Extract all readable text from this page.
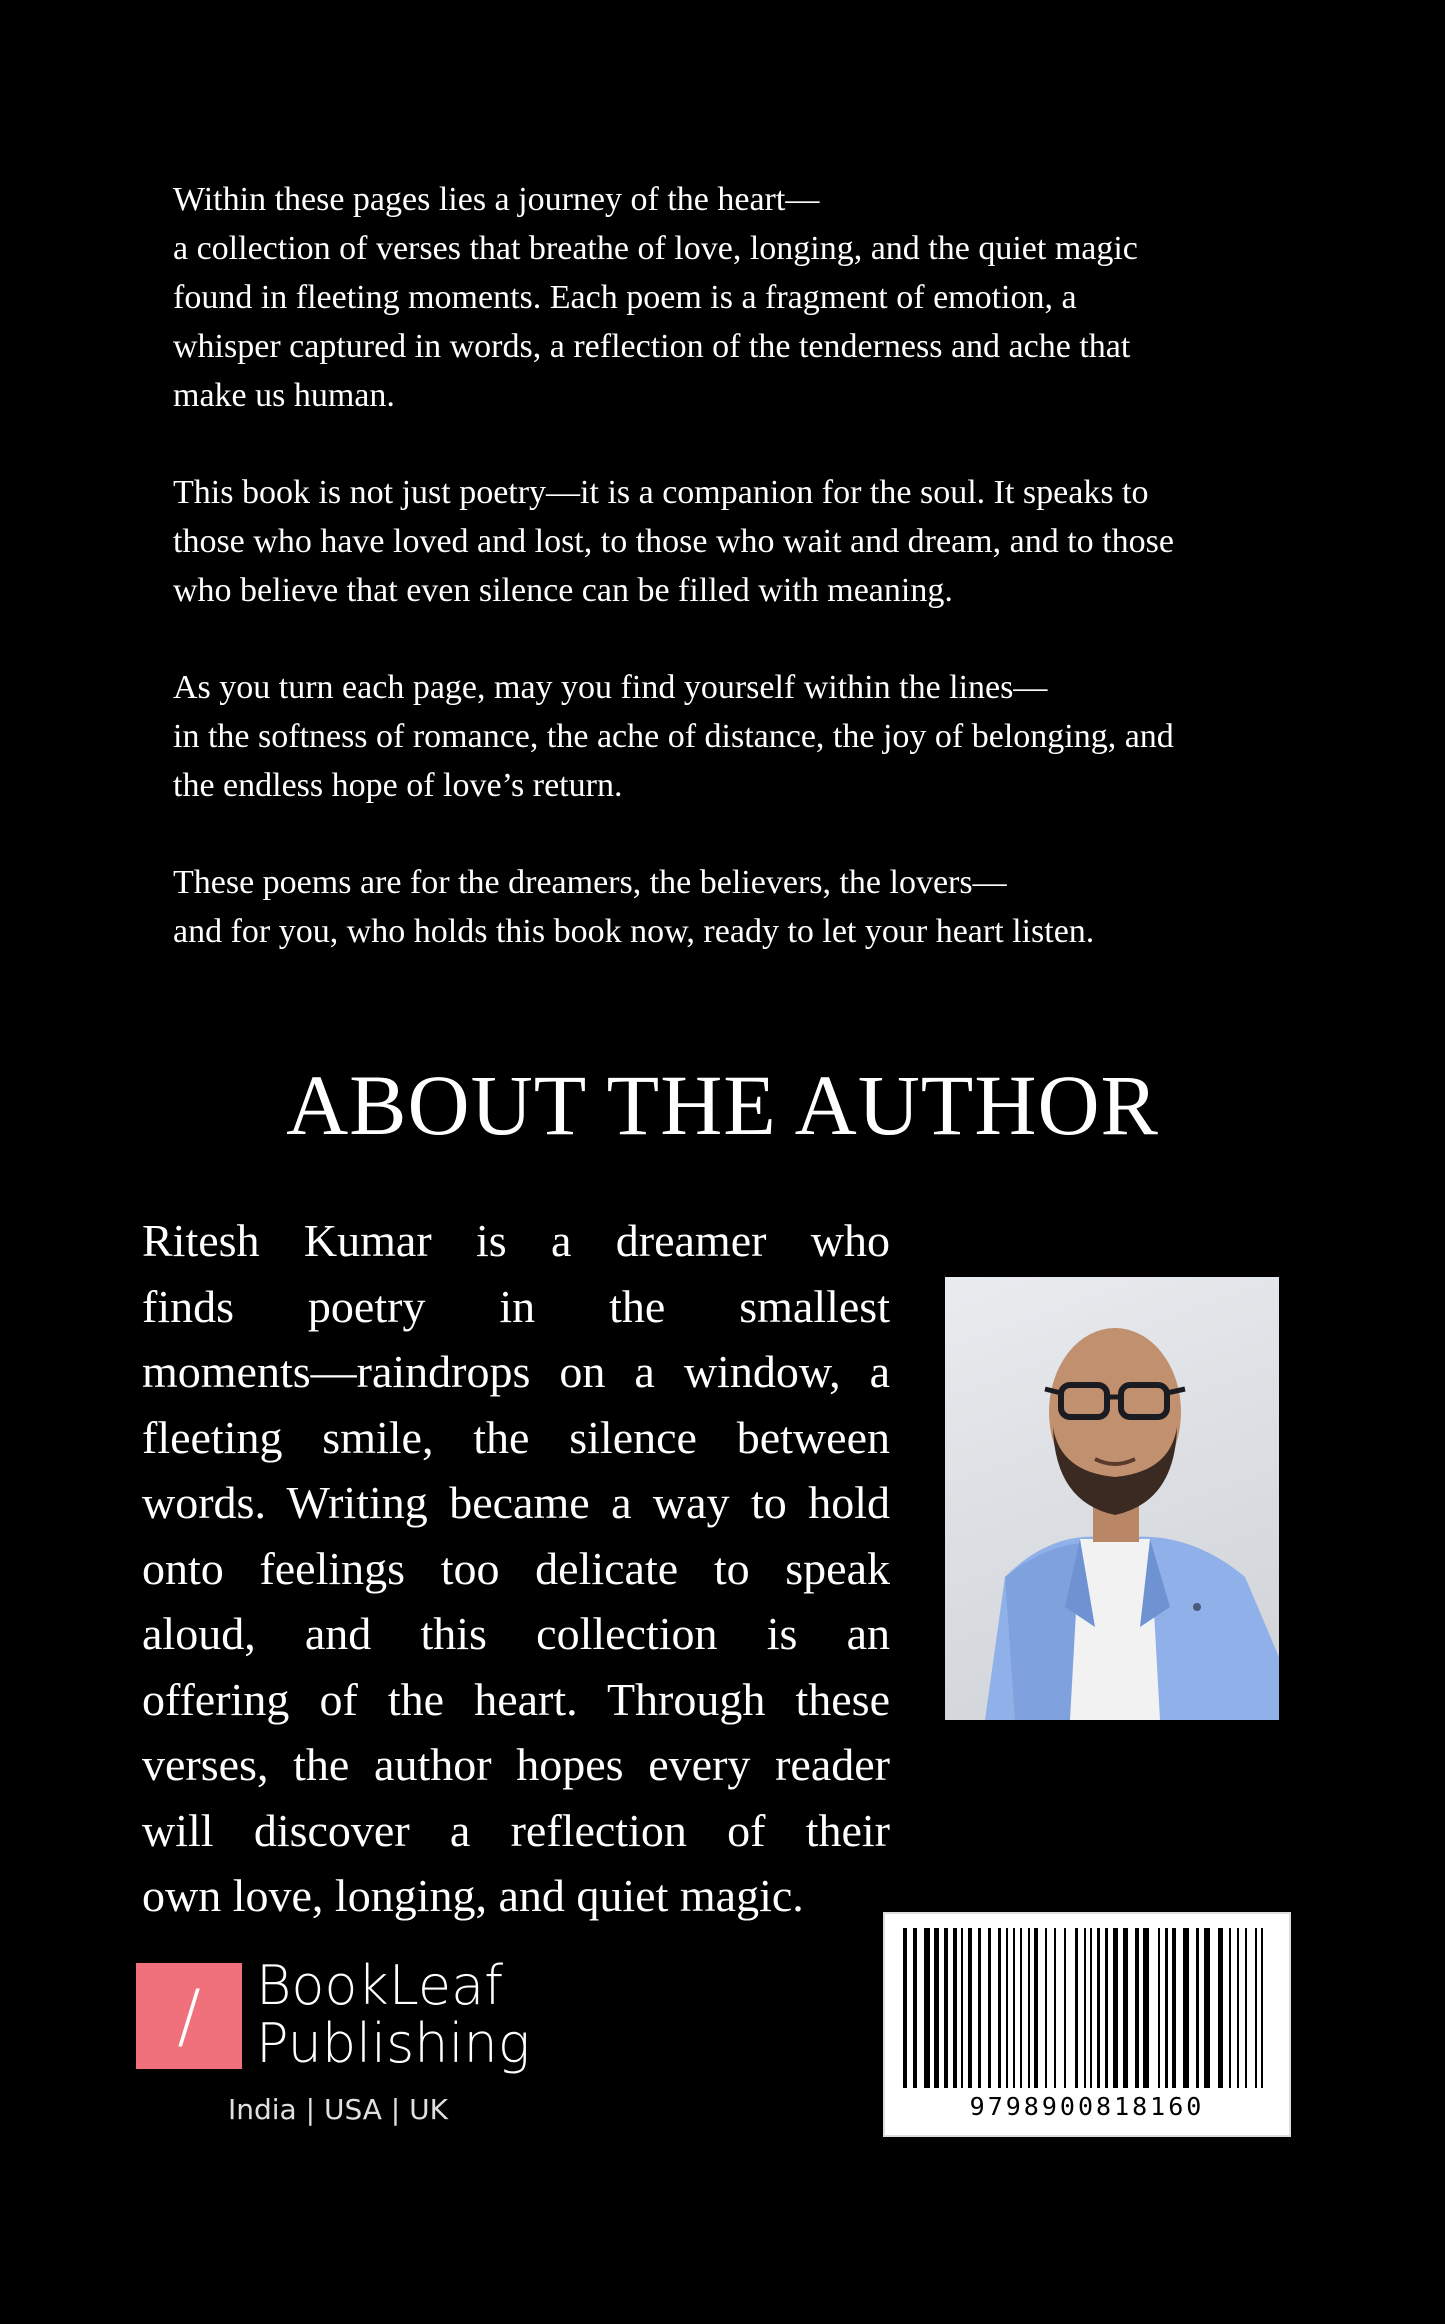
Within these pages lies a journey of the heart—
a collection of verses that breathe of love, longing, and the quiet magic
found in fleeting moments. Each poem is a fragment of emotion, a
whisper captured in words, a reflection of the tenderness and ache that
make us human.

This book is not just poetry—it is a companion for the soul. It speaks to
those who have loved and lost, to those who wait and dream, and to those
who believe that even silence can be filled with meaning.

As you turn each page, may you find yourself within the lines—
in the softness of romance, the ache of distance, the joy of belonging, and
the endless hope of love’s return.

These poems are for the dreamers, the believers, the lovers—
and for you, who holds this book now, ready to let your heart listen.

ABOUT THE AUTHOR
Ritesh Kumar is a dreamer who
finds poetry in the smallest
moments—raindrops on a window, a
fleeting smile, the silence between
words. Writing became a way to hold
onto feelings too delicate to speak
aloud, and this collection is an
offering of the heart. Through these
verses, the author hopes every reader
will discover a reflection of their
own love, longing, and quiet magic.
/	BookLeaf
Publishing
India | USA | UK	9798900818160
